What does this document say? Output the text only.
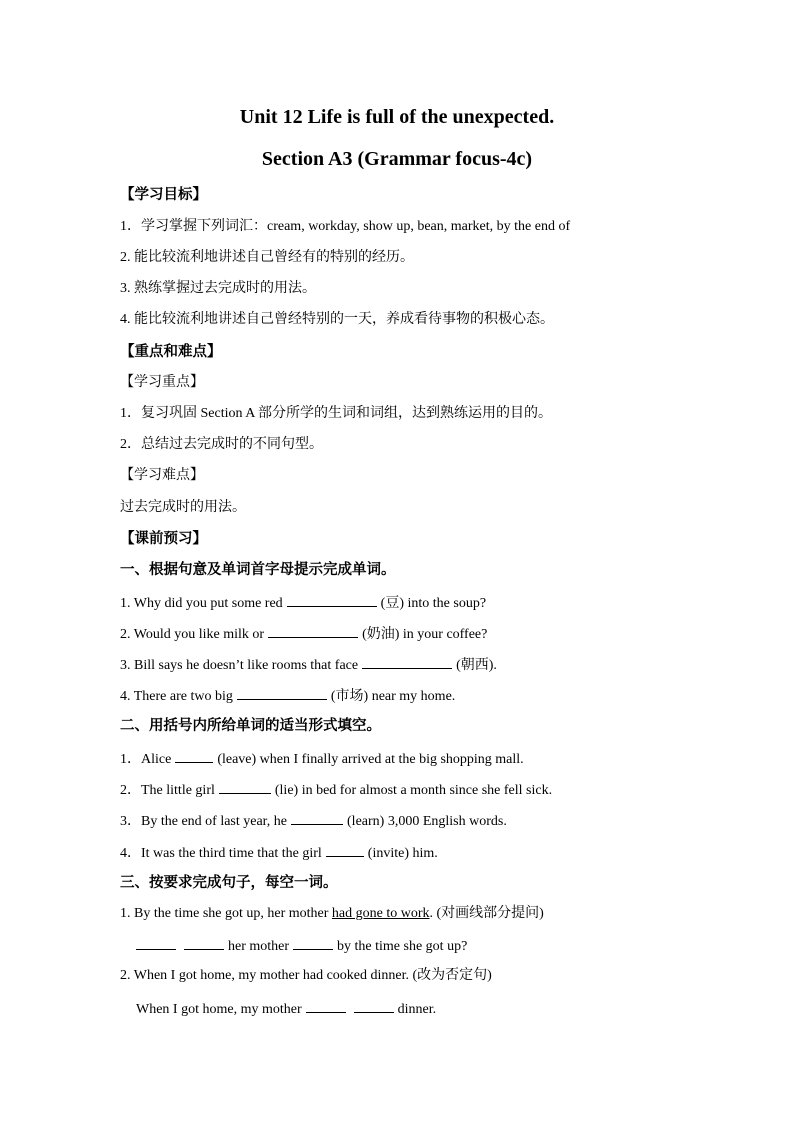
Unit 12 Life is full of the unexpected.
Section A3 (Grammar focus-4c)
【学习目标】
1．学习掌握下列词汇：cream, workday, show up, bean, market, by the end of
2. 能比较流利地讲述自己曾经有的特别的经历。
3. 熟练掌握过去完成时的用法。
4. 能比较流利地讲述自己曾经特别的一天，养成看待事物的积极心态。
【重点和难点】
【学习重点】
1．复习巩固 Section A 部分所学的生词和词组，达到熟练运用的目的。
2．总结过去完成时的不同句型。
【学习难点】
过去完成时的用法。
【课前预习】
一、根据句意及单词首字母提示完成单词。
1. Why did you put some red	(豆) into the soup?
2. Would you like milk or	(奶油) in your coffee?
3. Bill says he doesn’t like rooms that face	(朝西).
4. There are two big	(市场) near my home.
二、用括号内所给单词的适当形式填空。
1．Alice	(leave) when I finally arrived at the big shopping mall.
2．The little girl	(lie) in bed for almost a month since she fell sick.
3．By the end of last year, he	(learn) 3,000 English words.
4．It was the third time that the girl	(invite) him.
三、按要求完成句子，每空一词。
1. By the time she got up, her mother had gone to work. (对画线部分提问)
her mother	by the time she got up?
2. When I got home, my mother had cooked dinner. (改为否定句)
When I got home, my mother	dinner.
